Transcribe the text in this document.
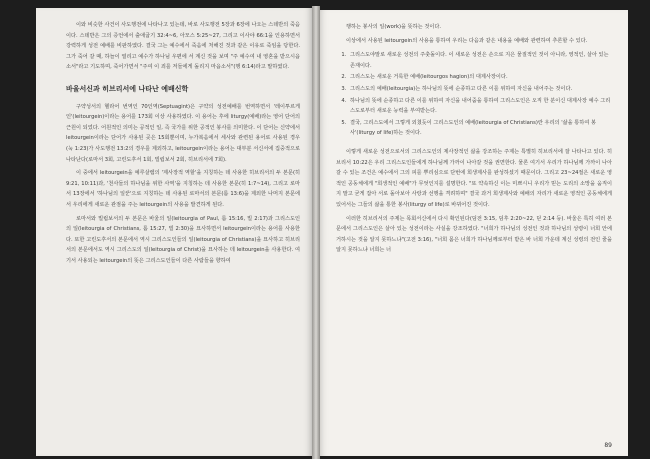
이와 비슷한 사건이 사도행전에 나타나고 있는데, 바로 사도행전 5장과 6장에 나오는 스데반의 죽음이다. 스데반은 그의 증언에서 출애굽기 32:4~6, 아모스 5:25~27, 그리고 이사야 66:1을 인용하면서 강력하게 성전 예배를 비판하였다. 결국 그는 예수에서 죽음에 처해진 것과 같은 이유로 죽임을 당한다. 그가 죽어 갈 때, 하늘이 열리고 예수가 하나님 우편에 서 계신 것을 보며 "주 예수여 내 영혼을 받으시옵소서"라고 기도하며, 죽어가면서 "주여 이 죄를 저들에게 돌리지 마옵소서"(행 6:14)라고 말하였다.

바울서신과 히브리서에 나타난 예배신학

구약성서의 헬라어 번역인 70인역(Septuagint)은 구약의 성전예배를 번역하면서 '레이투르게인'(leitourgein)이라는 용어를 173회 이상 사용하였다. 이 용어는 후에 liturgy(예배)라는 영어 단어의 근원이 되었다. 어원적인 의미는 공적인 일, 즉 국가를 위한 공적인 봉사를 의미한다. 이 단어는 신약에서 leitourgein이라는 단어가 사용된 곳은 15회뿐이며, 누가복음에서 세사와 관련된 용어로 사용된 경우(눅 1:23)가 사도행전 13:2의 경우를 제외하고, leitourgein이라는 용어는 대부분 서신서에 집중적으로 나타난다(로마서 3회, 고린도후서 1회, 빌립보서 2회, 히브리서에 7회).

이 중에서 leitourgein을 예루살렘의 '제사장적 역할'을 지칭하는 데 사용한 히브리서의 두 본문(히 9:21, 10:11)과, '천사들의 하나님을 위한 사역'을 지칭하는 데 사용한 본문(히 1:7~14), 그리고 로마서 13장에서 '하나님의 일꾼'으로 지칭하는 데 사용된 로마서의 본문(롬 13:6)을 제외한 나머지 본문에서 우리에게 새로운 관점을 주는 leitourgein의 사용을 발견하게 된다.

로마서와 빌립보서의 두 본문은 바울의 일(leitourgia of Paul, 롬 15:16, 빌 2:17)과 그리스도인의 일(leitourgia of Christians, 롬 15:27, 빌 2:30)을 묘사하면서 leitourgein이라는 용어를 사용한다. 또한 고린도후서의 본문에서 역시 그리스도인들의 일(leitourgia of Christians)을 묘사하고 히브리서의 본문에서도 역시 그리스도의 일(leitourgia of Christ)을 묘사하는 데 leitourgein을 사용한다. 여기서 사용되는 leitourgein의 뜻은 그리스도인들이 다른 사람들을 향하여

행하는 봉사의 일(work)을 뜻하는 것이다.

이상에서 사용된 leitourgein의 사용을 통하여 우리는 다음과 같은 내용을 예배와 관련하여 추론할 수 있다.

1. 그리스도야말로 새로운 성전의 주춧돌이다. 이 새로운 성전은 손으로 지은 물질적인 것이 아니라, 영적인, 살아 있는 존재이다.
2. 그리스도는 새로운 거룩한 예배(leitourgos hagion)의 대제사장이다.
3. 그리스도의 예배(leitourgia)는 하나님의 뜻에 순종하고 다른 이를 위하여 자신을 내어주는 것이다.
4. 하나님의 뜻에 순종하고 다른 이를 위하여 자신을 내어줌을 통하여 그리스도인은 오직 한 분이신 대제사장 예수 그리스도로부터 새로운 능력을 부여받는다.
5. 결국, 그리스도에서 그렇게 외쳤듯이 그리스도인의 예배(leitourgia of Christians)란 우리의 '삶을 통하여 봉사'(liturgy of life)하는 것이다.

이렇게 새로운 성전으로서의 그리스도인의 제사장적인 삶을 강조하는 주제는 특별히 히브리서에 잘 나타나고 있다. 히브리서 10:22은 우리 그리스도인들에게 하나님께 가까이 나아갈 것을 권면한다. 물론 여기서 우리가 하나님께 가까이 나아갈 수 있는 조건은 예수에서 그의 피를 뿌리심으로 단번에 희생제사를 완성하셨기 때문이다. 그리고 23~24절은 새로운 영적인 공동체에게 "희생적인 예배"가 무엇인지를 설명한다. "또 약속하신 이는 미쁘시니 우리가 믿는 도리의 소망을 움직이지 말고 굳게 잡아 서로 돌아보아 사랑과 선행을 격려하며" 결국 과거 희생제사와 예배의 자리가 새로운 영적인 공동체에게 있어서는 그들의 삶을 통한 봉사(liturgy of life)로 바뀌어진 것이다.

이러한 히브리서의 주제는 목회서신에서 다시 확인된다(딤전 3:15, 딤후 2:20~22, 딛 2:14 등). 바울은 특히 여러 본문에서 그리스도인은 살아 있는 성전이라는 사실을 강조하였다. "너희가 하나님의 성전인 것과 하나님의 성령이 너희 안에 거하시는 것을 알지 못하느냐"(고전 3:16), "너희 몸은 너희가 하나님께로부터 받은 바 너희 가운데 계신 성령의 전인 줄을 알지 못하느냐 너희는 너

89
